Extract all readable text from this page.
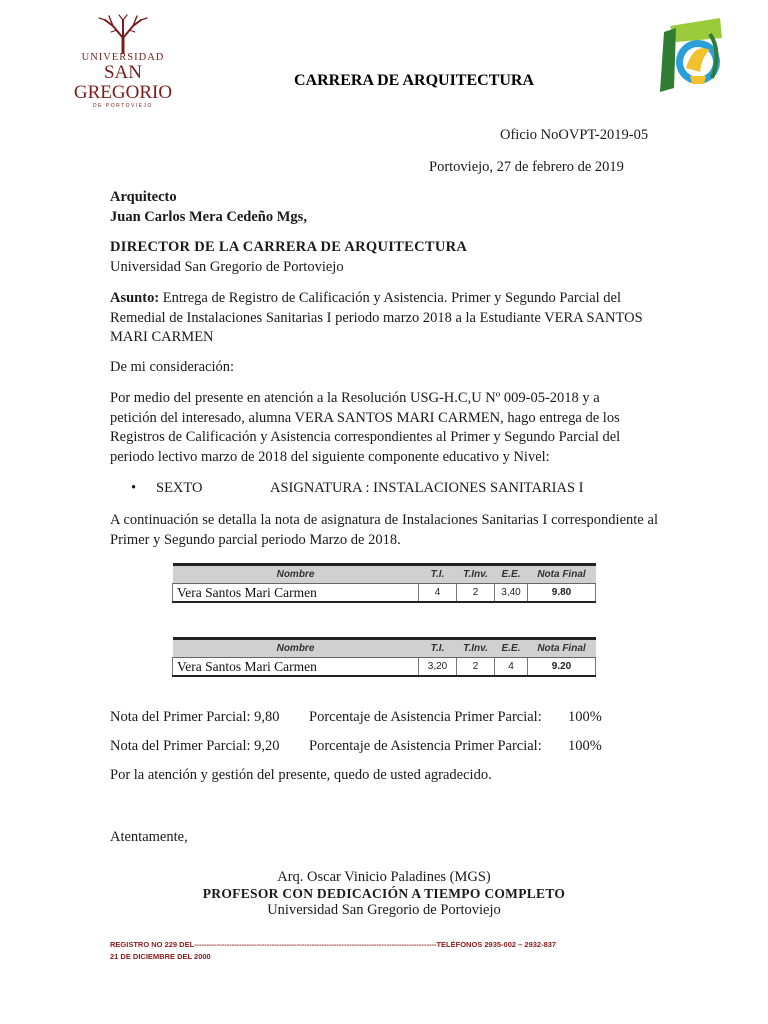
UNIVERSIDAD
SAN GREGORIO
DE PORTOVIEJO
CARRERA DE ARQUITECTURA
Oficio NoOVPT-2019-05
Portoviejo, 27 de febrero de 2019
Arquitecto
Juan Carlos Mera Cedeño Mgs,
DIRECTOR DE LA CARRERA DE ARQUITECTURA
Universidad San Gregorio de Portoviejo
Asunto: Entrega de Registro de Calificación y Asistencia. Primer y Segundo Parcial del Remedial de Instalaciones Sanitarias I periodo marzo 2018 a la Estudiante VERA SANTOS MARI CARMEN
De mi consideración:
Por medio del presente en atención a la Resolución USG-H.C,U Nº 009-05-2018 y a petición del interesado, alumna VERA SANTOS MARI CARMEN, hago entrega de los Registros de Calificación y Asistencia correspondientes al Primer y Segundo Parcial del periodo lectivo marzo de 2018 del siguiente componente educativo y Nivel:
• SEXTO	ASIGNATURA : INSTALACIONES SANITARIAS I
A continuación se detalla la nota de asignatura de Instalaciones Sanitarias I correspondiente al Primer y Segundo parcial periodo Marzo de 2018.
Nombre	T.I.	T.Inv.	E.E.	Nota Final
Vera Santos Mari Carmen	4	2	3,40	9.80
Nombre	T.I.	T.Inv.	E.E.	Nota Final
Vera Santos Mari Carmen	3,20	2	4	9.20
Nota del Primer Parcial: 9,80 Porcentaje de Asistencia Primer Parcial: 100%
Nota del Primer Parcial: 9,20 Porcentaje de Asistencia Primer Parcial: 100%
Por la atención y gestión del presente, quedo de usted agradecido.
Atentamente,
Arq. Oscar Vinicio Paladines (MGS)
PROFESOR CON DEDICACIÓN A TIEMPO COMPLETO
Universidad San Gregorio de Portoviejo
REGISTRO NO 229 DEL-------------------------------------------------------------------------------------------------TELÉFONOS 2935-002 – 2932-837
21 DE DICIEMBRE DEL 2000
